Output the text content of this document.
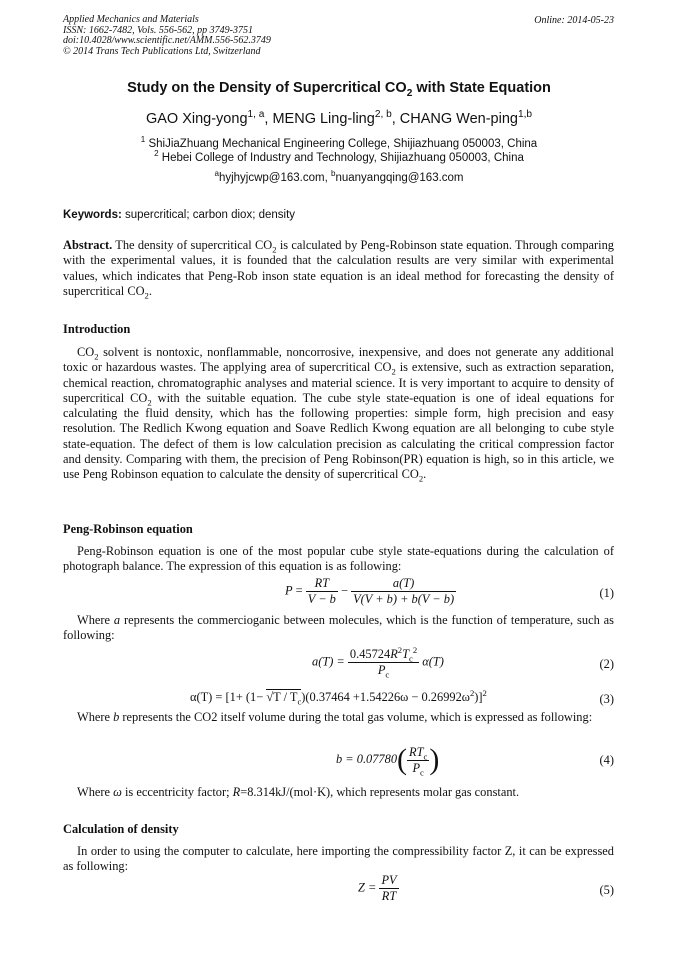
Applied Mechanics and Materials
ISSN: 1662-7482, Vols. 556-562, pp 3749-3751
doi:10.4028/www.scientific.net/AMM.556-562.3749
© 2014 Trans Tech Publications Ltd, Switzerland
Online: 2014-05-23
Study on the Density of Supercritical $CO_2$ with State Equation
GAO Xing-yong$^{1, a}$, MENG Ling-ling$^{2, b}$, CHANG Wen-ping$^{1,b}$
$^1$ ShiJiaZhuang Mechanical Engineering College, Shijiazhuang 050003, China
$^2$ Hebei College of Industry and Technology, Shijiazhuang 050003, China
$^a$hyjhyjcwp@163.com, $^b$nuanyangqing@163.com
Keywords: supercritical; carbon diox; density
Abstract. The density of supercritical $CO_2$ is calculated by Peng-Robinson state equation. Through comparing with the experimental values, it is founded that the calculation results are very similar with experimental values, which indicates that Peng-Rob inson state equation is an ideal method for forecasting the density of supercritical $CO_2$.
Introduction
$CO_2$ solvent is nontoxic, nonflammable, noncorrosive, inexpensive, and does not generate any additional toxic or hazardous wastes. The applying area of supercritical $CO_2$ is extensive, such as extraction separation, chemical reaction, chromatographic analyses and material science. It is very important to acquire to density of supercritical $CO_2$ with the suitable equation. The cube style state-equation is one of ideal equations for calculating the fluid density, which has the following properties: simple form, high precision and easy resolution. The Redlich Kwong equation and Soave Redlich Kwong equation are all belonging to cube style state-equation. The defect of them is low calculation precision as calculating the critical compression factor and density. Comparing with them, the precision of Peng Robinson(PR) equation is high, so in this article, we use Peng Robinson equation to calculate the density of supercritical $CO_2$.
Peng-Robinson equation
Peng-Robinson equation is one of the most popular cube style state-equations during the calculation of photograph balance. The expression of this equation is as following:
$P = \frac{RT}{V - b} - \frac{a(T)}{V(V + b) + b(V - b)}$	(1)
Where a represents the commercioganic between molecules, which is the function of temperature, such as following:
$a(T) = \frac{0.45724R^2T_c^2}{P_c} \alpha(T)$	(2)
$\alpha(T) = [1+ (1- √T / T_c)(0.37464 +1.54226\omega - 0.26992\omega^2)]^2$	(3)
Where b represents the CO2 itself volume during the total gas volume, which is expressed as following:
$b = 0.07780( \frac{RT_c}{P_c}$ )	(4)
Where ω is eccentricity factor; R=8.314kJ/(mol·K), which represents molar gas constant.
Calculation of density
In order to using the computer to calculate, here importing the compressibility factor Z, it can be expressed as following:
$Z = \frac{PV}{RT}$	(5)
